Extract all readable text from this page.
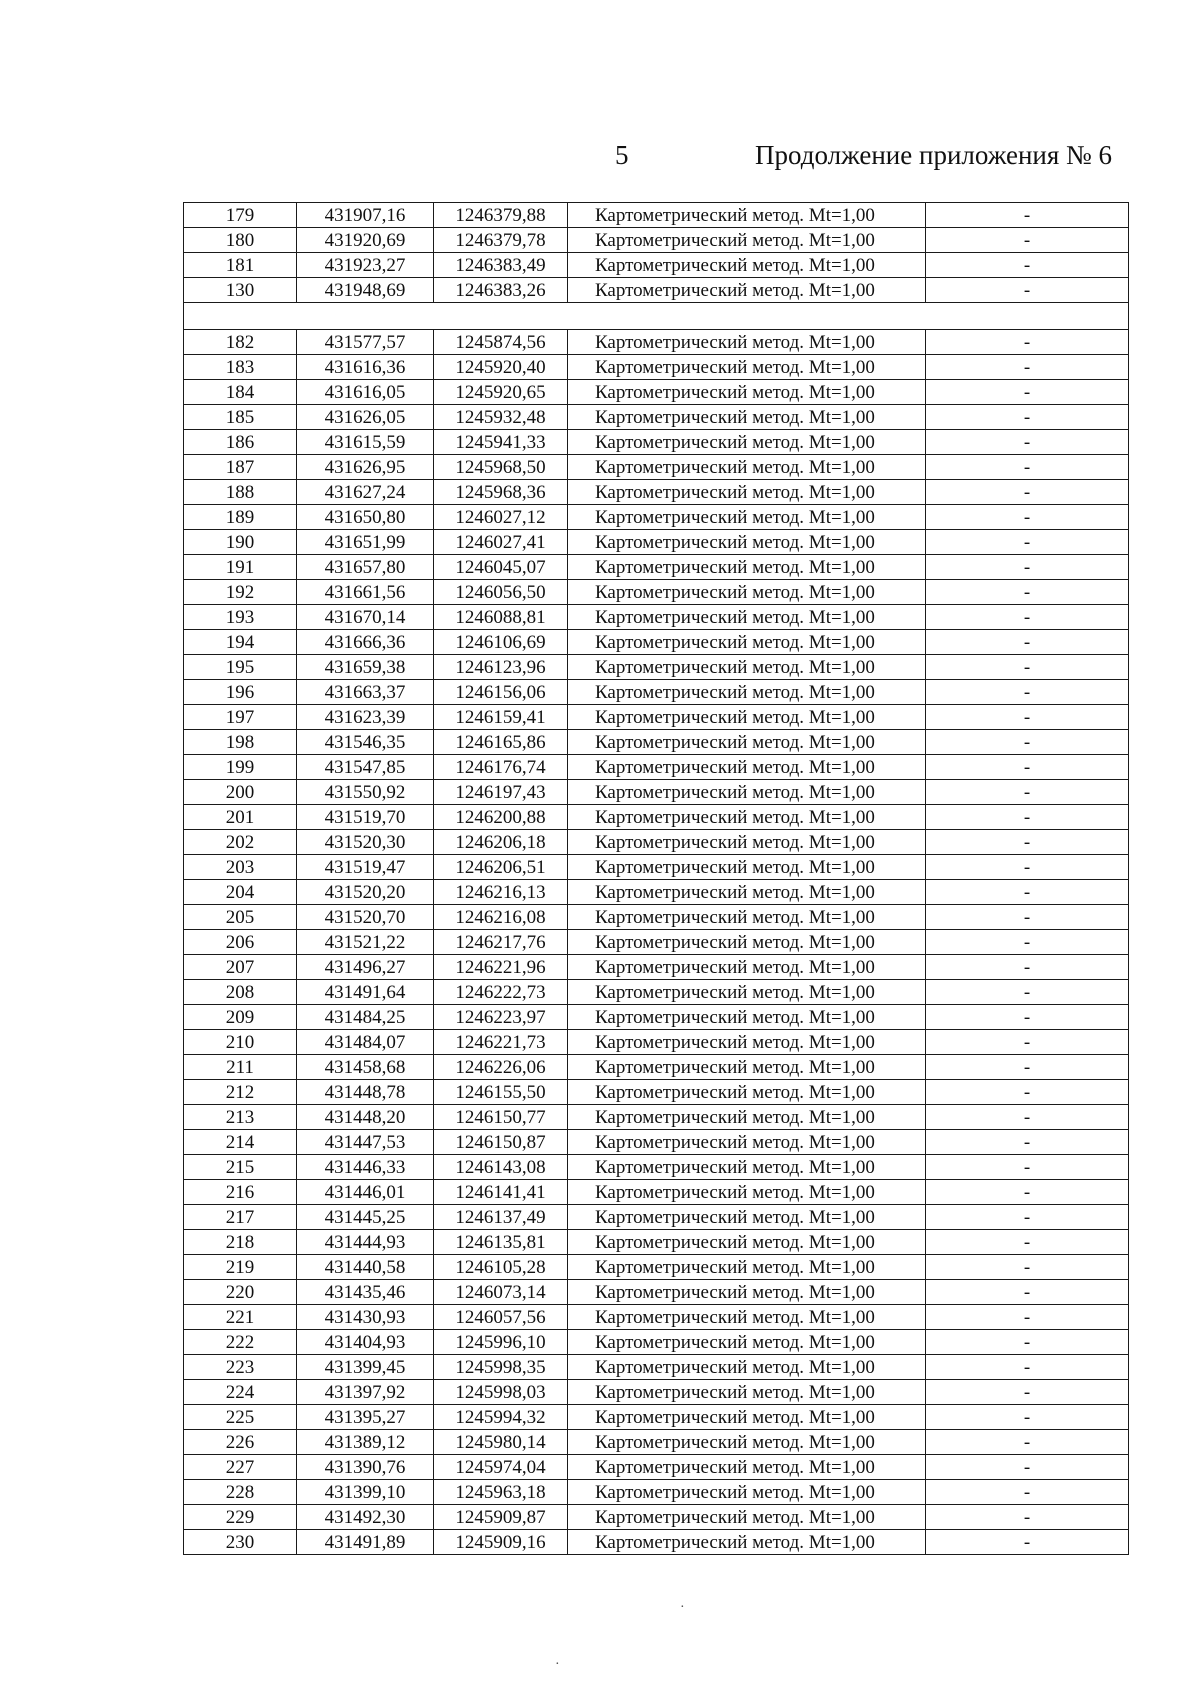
5	Продолжение приложения № 6
179	431907,16	1246379,88	Картометрический метод. Mt=1,00	-
180	431920,69	1246379,78	Картометрический метод. Mt=1,00	-
181	431923,27	1246383,49	Картометрический метод. Mt=1,00	-
130	431948,69	1246383,26	Картометрический метод. Mt=1,00	-

182	431577,57	1245874,56	Картометрический метод. Mt=1,00	-
183	431616,36	1245920,40	Картометрический метод. Mt=1,00	-
184	431616,05	1245920,65	Картометрический метод. Mt=1,00	-
185	431626,05	1245932,48	Картометрический метод. Mt=1,00	-
186	431615,59	1245941,33	Картометрический метод. Mt=1,00	-
187	431626,95	1245968,50	Картометрический метод. Mt=1,00	-
188	431627,24	1245968,36	Картометрический метод. Mt=1,00	-
189	431650,80	1246027,12	Картометрический метод. Mt=1,00	-
190	431651,99	1246027,41	Картометрический метод. Mt=1,00	-
191	431657,80	1246045,07	Картометрический метод. Mt=1,00	-
192	431661,56	1246056,50	Картометрический метод. Mt=1,00	-
193	431670,14	1246088,81	Картометрический метод. Mt=1,00	-
194	431666,36	1246106,69	Картометрический метод. Mt=1,00	-
195	431659,38	1246123,96	Картометрический метод. Mt=1,00	-
196	431663,37	1246156,06	Картометрический метод. Mt=1,00	-
197	431623,39	1246159,41	Картометрический метод. Mt=1,00	-
198	431546,35	1246165,86	Картометрический метод. Mt=1,00	-
199	431547,85	1246176,74	Картометрический метод. Mt=1,00	-
200	431550,92	1246197,43	Картометрический метод. Mt=1,00	-
201	431519,70	1246200,88	Картометрический метод. Mt=1,00	-
202	431520,30	1246206,18	Картометрический метод. Mt=1,00	-
203	431519,47	1246206,51	Картометрический метод. Mt=1,00	-
204	431520,20	1246216,13	Картометрический метод. Mt=1,00	-
205	431520,70	1246216,08	Картометрический метод. Mt=1,00	-
206	431521,22	1246217,76	Картометрический метод. Mt=1,00	-
207	431496,27	1246221,96	Картометрический метод. Mt=1,00	-
208	431491,64	1246222,73	Картометрический метод. Mt=1,00	-
209	431484,25	1246223,97	Картометрический метод. Mt=1,00	-
210	431484,07	1246221,73	Картометрический метод. Mt=1,00	-
211	431458,68	1246226,06	Картометрический метод. Mt=1,00	-
212	431448,78	1246155,50	Картометрический метод. Mt=1,00	-
213	431448,20	1246150,77	Картометрический метод. Mt=1,00	-
214	431447,53	1246150,87	Картометрический метод. Mt=1,00	-
215	431446,33	1246143,08	Картометрический метод. Mt=1,00	-
216	431446,01	1246141,41	Картометрический метод. Mt=1,00	-
217	431445,25	1246137,49	Картометрический метод. Mt=1,00	-
218	431444,93	1246135,81	Картометрический метод. Mt=1,00	-
219	431440,58	1246105,28	Картометрический метод. Mt=1,00	-
220	431435,46	1246073,14	Картометрический метод. Mt=1,00	-
221	431430,93	1246057,56	Картометрический метод. Mt=1,00	-
222	431404,93	1245996,10	Картометрический метод. Mt=1,00	-
223	431399,45	1245998,35	Картометрический метод. Mt=1,00	-
224	431397,92	1245998,03	Картометрический метод. Mt=1,00	-
225	431395,27	1245994,32	Картометрический метод. Mt=1,00	-
226	431389,12	1245980,14	Картометрический метод. Mt=1,00	-
227	431390,76	1245974,04	Картометрический метод. Mt=1,00	-
228	431399,10	1245963,18	Картометрический метод. Mt=1,00	-
229	431492,30	1245909,87	Картометрический метод. Mt=1,00	-
230	431491,89	1245909,16	Картометрический метод. Mt=1,00	-
·
·
